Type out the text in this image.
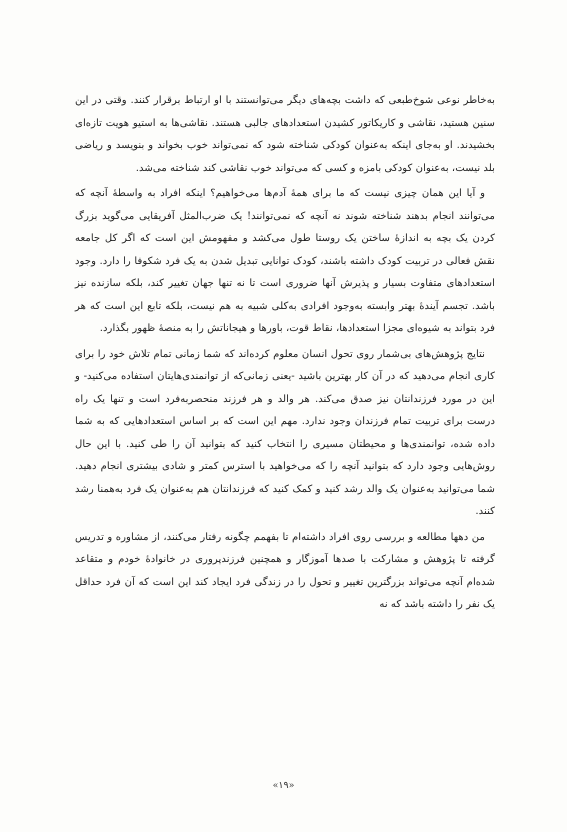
به‌خاطر نوعی شوخ‌طبعی که داشت بچه‌های دیگر می‌توانستند با او ارتباط برقرار کنند. وقتی در این سنین هستید، نقاشی و کاریکاتور کشیدن استعدادهای جالبی هستند. نقاشی‌ها به استیو هویت تازه‌ای بخشیدند. او به‌جای اینکه به‌عنوان کودکی شناخته شود که نمی‌تواند خوب بخواند و بنویسد و ریاضی بلد نیست، به‌عنوان کودکی بامزه و کسی که می‌تواند خوب نقاشی کند شناخته می‌شد.

و آیا این همان چیزی نیست که ما برای همهٔ آدم‌ها می‌خواهیم؟ اینکه افراد به واسطهٔ آنچه که می‌توانند انجام بدهند شناخته شوند نه آنچه که نمی‌توانند! یک ضرب‌المثل آفریقایی می‌گوید بزرگ کردن یک بچه به اندازهٔ ساختن یک روستا طول می‌کشد و مفهومش این است که اگر کل جامعه نقش فعالی در تربیت کودک داشته باشند، کودک توانایی تبدیل شدن به یک فرد شکوفا را دارد. وجود استعدادهای متفاوت بسیار و پذیرش آنها ضروری است تا نه تنها جهان تغییر کند، بلکه سازنده نیز باشد. تجسم آیندهٔ بهتر وابسته به‌وجود افرادی به‌کلی شبیه به هم نیست، بلکه تابع این است که هر فرد بتواند به شیوه‌ای مجزا استعدادها، نقاط قوت، باورها و هیجاناتش را به منصهٔ ظهور بگذارد.

نتایج پژوهش‌های بی‌شمار روی تحول انسان معلوم کرده‌اند که شما زمانی تمام تلاش خود را برای کاری انجام می‌دهید که در آن کار بهترین باشید -یعنی زمانی‌که از توانمندی‌هایتان استفاده می‌کنید- و این در مورد فرزندانتان نیز صدق می‌کند. هر والد و هر فرزند منحصربه‌فرد است و تنها یک راه درست برای تربیت تمام فرزندان وجود ندارد. مهم این است که بر اساس استعدادهایی که به شما داده شده، توانمندی‌ها و محیطتان مسیری را انتخاب کنید که بتوانید آن را طی کنید. با این حال روش‌هایی وجود دارد که بتوانید آنچه را که می‌خواهید با استرس کمتر و شادی بیشتری انجام دهید. شما می‌توانید به‌عنوان یک والد رشد کنید و کمک کنید که فرزندانتان هم به‌عنوان یک فرد به‌همنا رشد کنند.

من دهها مطالعه و بررسی روی افراد داشته‌ام تا بفهمم چگونه رفتار می‌کنند، از مشاوره و تدریس گرفته تا پژوهش و مشارکت با صدها آموزگار و همچنین فرزندپروری در خانوادهٔ خودم و متقاعد شده‌ام آنچه می‌تواند بزرگترین تغییر و تحول را در زندگی فرد ایجاد کند این است که آن فرد حداقل یک نفر را داشته باشد که نه

«۱۹»
